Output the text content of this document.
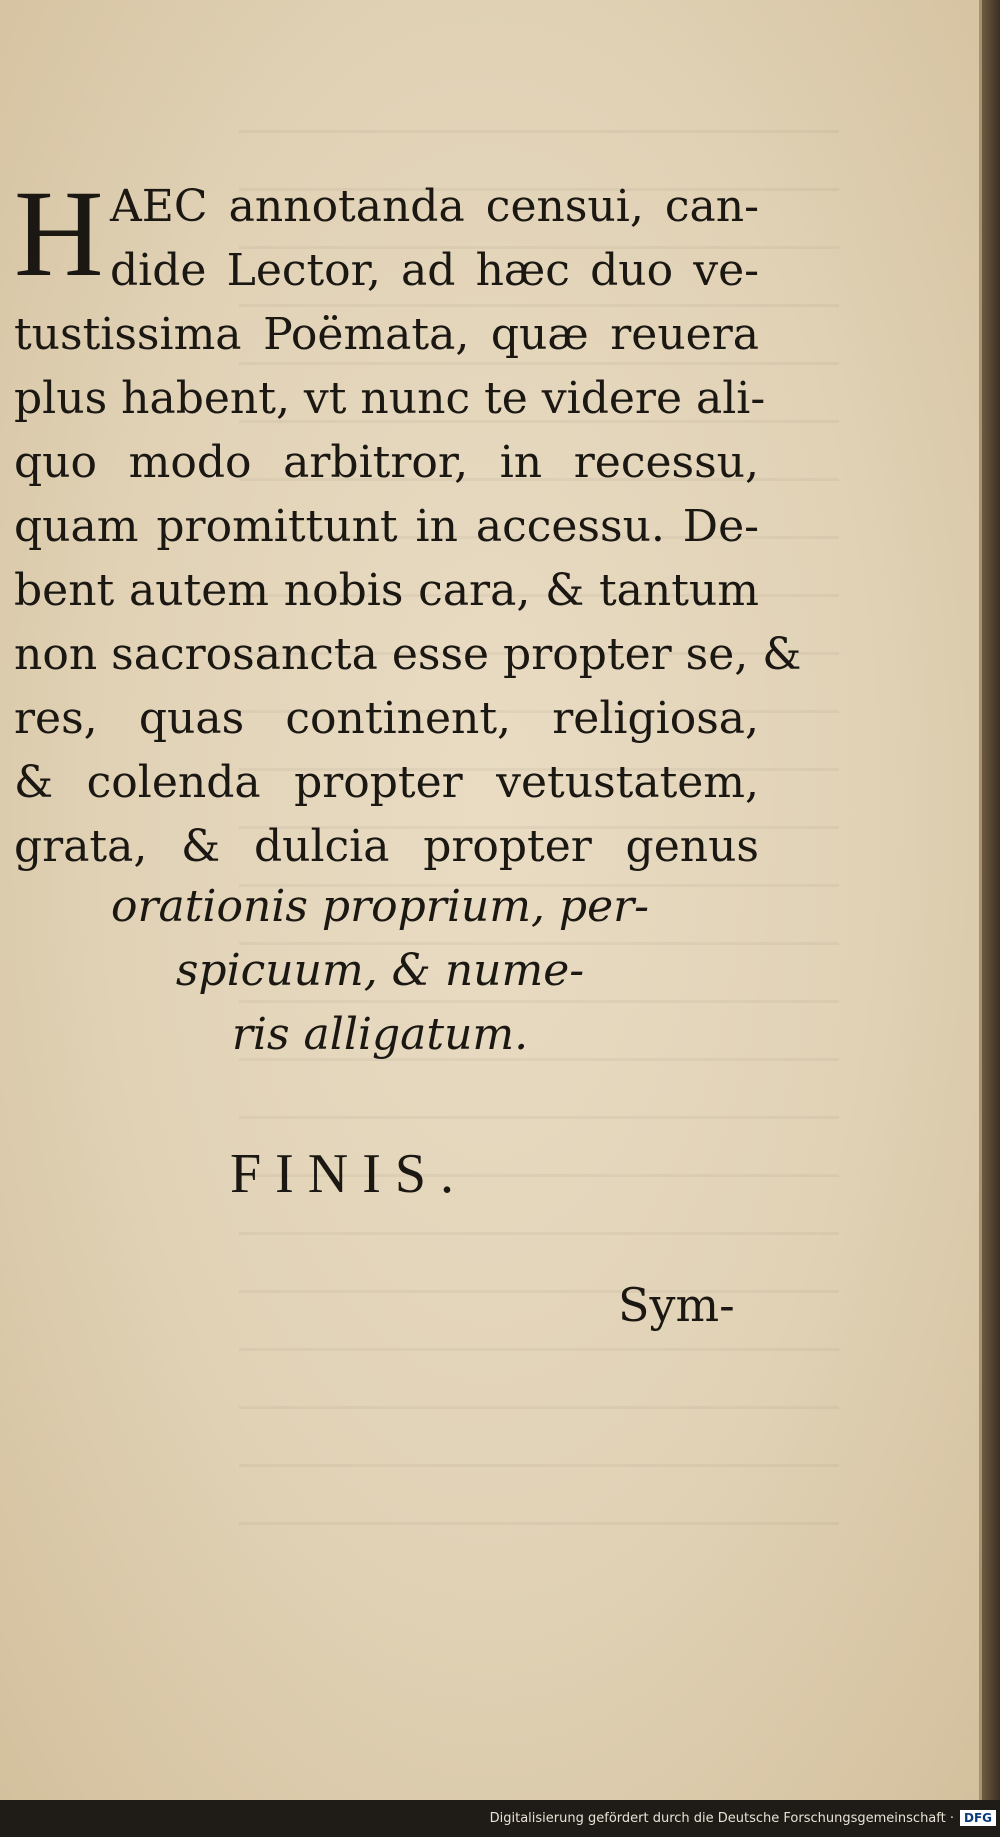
H AEC annotanda censui, can-
dide Lector, ad hæc duo ve-
tustissima Poëmata, quæ reuera
plus habent, vt nunc te videre ali-
quo modo arbitror, in recessu,
quam promittunt in accessu. De-
bent autem nobis cara, & tantum
non sacrosancta esse propter se, &
res, quas continent, religiosa,
& colenda propter vetustatem,
grata, & dulcia propter genus
orationis proprium, per-
spicuum, & nume-
ris alligatum.
FINIS.
Sym-
Digitalisierung gefördert durch die Deutsche Forschungsgemeinschaft · DFG
